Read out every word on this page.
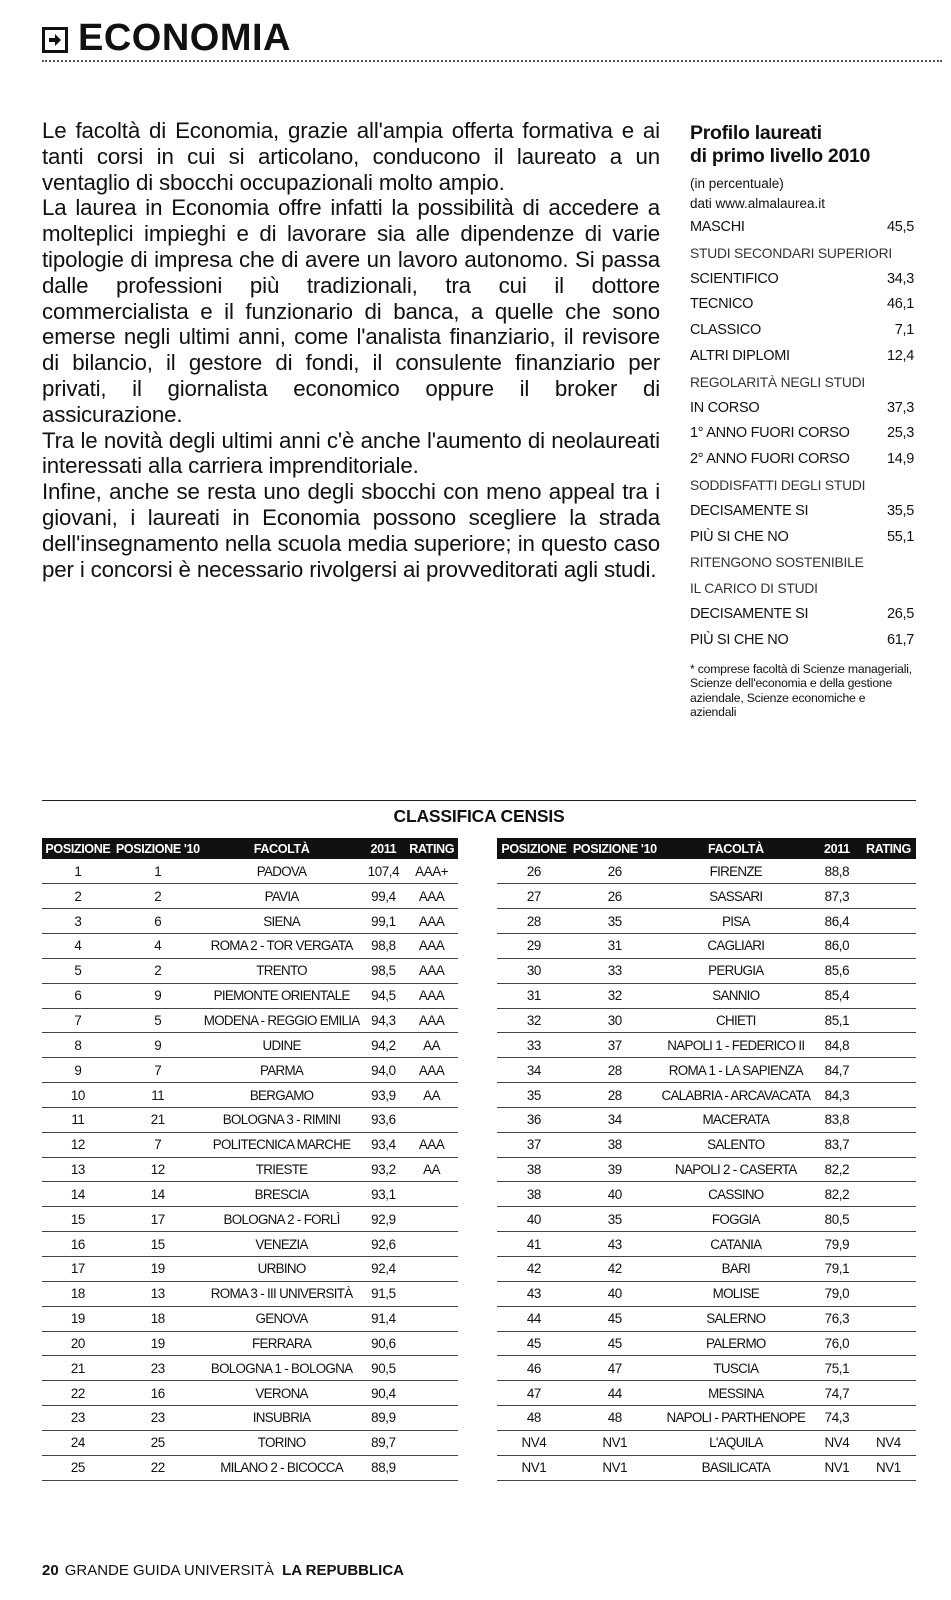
ECONOMIA

Le facoltà di Economia, grazie all'ampia offerta formativa e ai tanti corsi in cui si articolano, conducono il laureato a un ventaglio di sbocchi occupazionali molto ampio.

La laurea in Economia offre infatti la possibilità di accedere a molteplici impieghi e di lavorare sia alle dipendenze di varie tipologie di impresa che di avere un lavoro autonomo. Si passa dalle professioni più tradizionali, tra cui il dottore commercialista e il funzionario di banca, a quelle che sono emerse negli ultimi anni, come l'analista finanziario, il revisore di bilancio, il gestore di fondi, il consulente finanziario per privati, il giornalista economico oppure il broker di assicurazione.

Tra le novità degli ultimi anni c'è anche l'aumento di neolaureati interessati alla carriera imprenditoriale.

Infine, anche se resta uno degli sbocchi con meno appeal tra i giovani, i laureati in Economia possono scegliere la strada dell'insegnamento nella scuola media superiore; in questo caso per i concorsi è necessario rivolgersi ai provveditorati agli studi.

Profilo laureati
di primo livello 2010
(in percentuale)
dati www.almalaurea.it
MASCHI	45,5
STUDI SECONDARI SUPERIORI
SCIENTIFICO	34,3
TECNICO	46,1
CLASSICO	7,1
ALTRI DIPLOMI	12,4
REGOLARITÀ NEGLI STUDI
IN CORSO	37,3
1° ANNO FUORI CORSO	25,3
2° ANNO FUORI CORSO	14,9
SODDISFATTI DEGLI STUDI
DECISAMENTE SI	35,5
PIÙ SI CHE NO	55,1
RITENGONO SOSTENIBILE
IL CARICO DI STUDI
DECISAMENTE SI	26,5
PIÙ SI CHE NO	61,7
* comprese facoltà di Scienze manageriali, Scienze dell'economia e della gestione aziendale, Scienze economiche e aziendali
CLASSIFICA CENSIS
POSIZIONE	POSIZIONE '10	FACOLTÀ	2011	RATING
1	1	PADOVA	107,4	AAA+
2	2	PAVIA	99,4	AAA
3	6	SIENA	99,1	AAA
4	4	ROMA 2 - TOR VERGATA	98,8	AAA
5	2	TRENTO	98,5	AAA
6	9	PIEMONTE ORIENTALE	94,5	AAA
7	5	MODENA - REGGIO EMILIA	94,3	AAA
8	9	UDINE	94,2	AA
9	7	PARMA	94,0	AAA
10	11	BERGAMO	93,9	AA
11	21	BOLOGNA 3 - RIMINI	93,6	
12	7	POLITECNICA MARCHE	93,4	AAA
13	12	TRIESTE	93,2	AA
14	14	BRESCIA	93,1	
15	17	BOLOGNA 2 - FORLÌ	92,9	
16	15	VENEZIA	92,6	
17	19	URBINO	92,4	
18	13	ROMA 3 - III UNIVERSITÀ	91,5	
19	18	GENOVA	91,4	
20	19	FERRARA	90,6	
21	23	BOLOGNA 1 - BOLOGNA	90,5	
22	16	VERONA	90,4	
23	23	INSUBRIA	89,9	
24	25	TORINO	89,7	
25	22	MILANO 2 - BICOCCA	88,9	
POSIZIONE	POSIZIONE '10	FACOLTÀ	2011	RATING
26	26	FIRENZE	88,8	
27	26	SASSARI	87,3	
28	35	PISA	86,4	
29	31	CAGLIARI	86,0	
30	33	PERUGIA	85,6	
31	32	SANNIO	85,4	
32	30	CHIETI	85,1	
33	37	NAPOLI 1 - FEDERICO II	84,8	
34	28	ROMA 1 - LA SAPIENZA	84,7	
35	28	CALABRIA - ARCAVACATA	84,3	
36	34	MACERATA	83,8	
37	38	SALENTO	83,7	
38	39	NAPOLI 2 - CASERTA	82,2	
38	40	CASSINO	82,2	
40	35	FOGGIA	80,5	
41	43	CATANIA	79,9	
42	42	BARI	79,1	
43	40	MOLISE	79,0	
44	45	SALERNO	76,3	
45	45	PALERMO	76,0	
46	47	TUSCIA	75,1	
47	44	MESSINA	74,7	
48	48	NAPOLI - PARTHENOPE	74,3	
NV4	NV1	L'AQUILA	NV4	NV4
NV1	NV1	BASILICATA	NV1	NV1
20 GRANDE GUIDA UNIVERSITÀ LA REPUBBLICA
